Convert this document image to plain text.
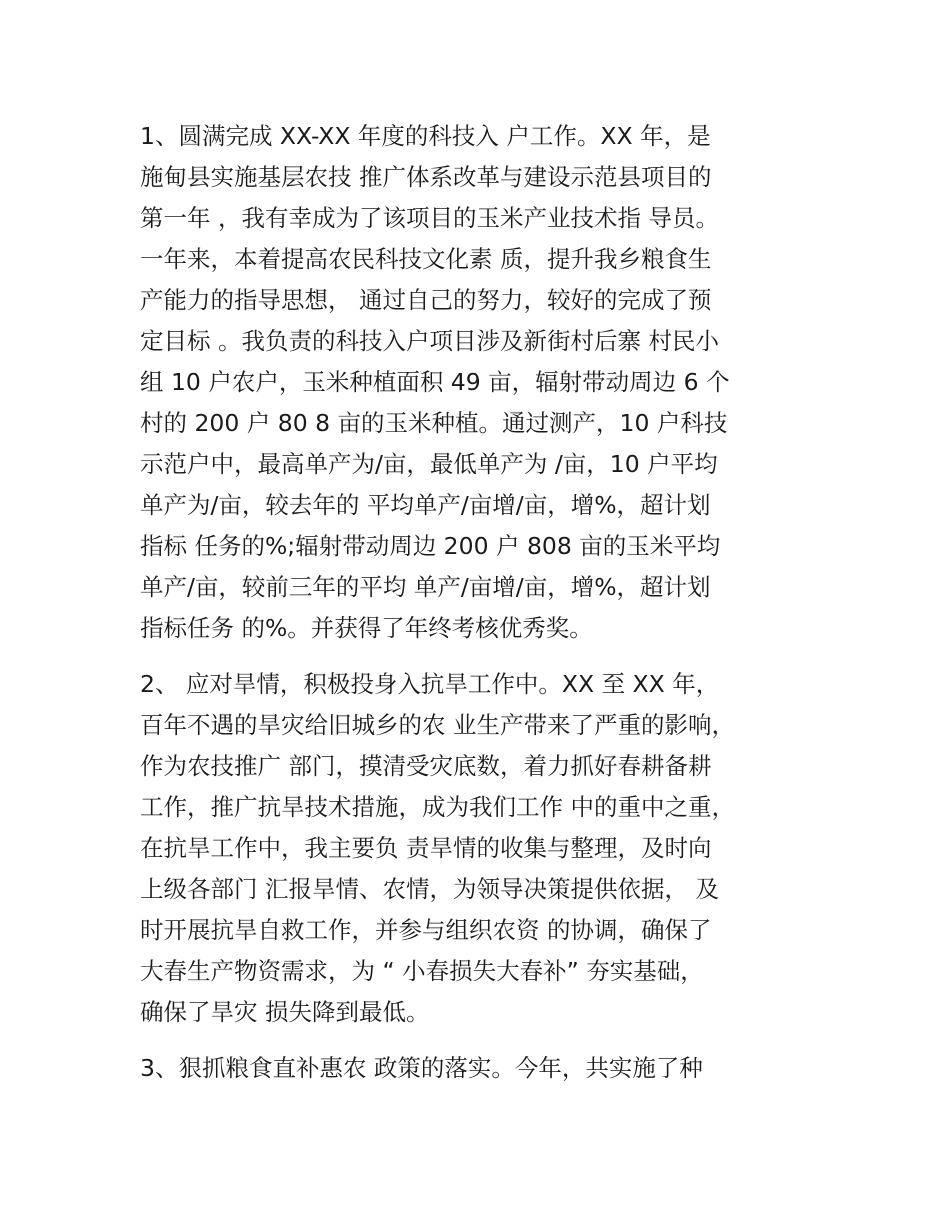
1、圆满完成 XX-XX 年度的科技入 户工作。XX 年，是
施甸县实施基层农技 推广体系改革与建设示范县项目的
第一年 ，我有幸成为了该项目的玉米产业技术指 导员。
一年来，本着提高农民科技文化素 质，提升我乡粮食生
产能力的指导思想， 通过自己的努力，较好的完成了预
定目标 。我负责的科技入户项目涉及新街村后寨 村民小
组 10 户农户，玉米种植面积 49 亩，辐射带动周边 6 个
村的 200 户 80 8 亩的玉米种植。通过测产，10 户科技
示范户中，最高单产为/亩，最低单产为 /亩，10 户平均
单产为/亩，较去年的 平均单产/亩增/亩，增%，超计划
指标 任务的%;辐射带动周边 200 户 808 亩的玉米平均
单产/亩，较前三年的平均 单产/亩增/亩，增%，超计划
指标任务 的%。并获得了年终考核优秀奖。
2、 应对旱情，积极投身入抗旱工作中。XX 至 XX 年，
百年不遇的旱灾给旧城乡的农 业生产带来了严重的影响，
作为农技推广 部门，摸清受灾底数，着力抓好春耕备耕
工作，推广抗旱技术措施，成为我们工作 中的重中之重，
在抗旱工作中，我主要负 责旱情的收集与整理，及时向
上级各部门 汇报旱情、农情，为领导决策提供依据， 及
时开展抗旱自救工作，并参与组织农资 的协调，确保了
大春生产物资需求，为 “ 小春损失大春补” 夯实基础，
确保了旱灾 损失降到最低。
3、狠抓粮食直补惠农 政策的落实。今年，共实施了种
